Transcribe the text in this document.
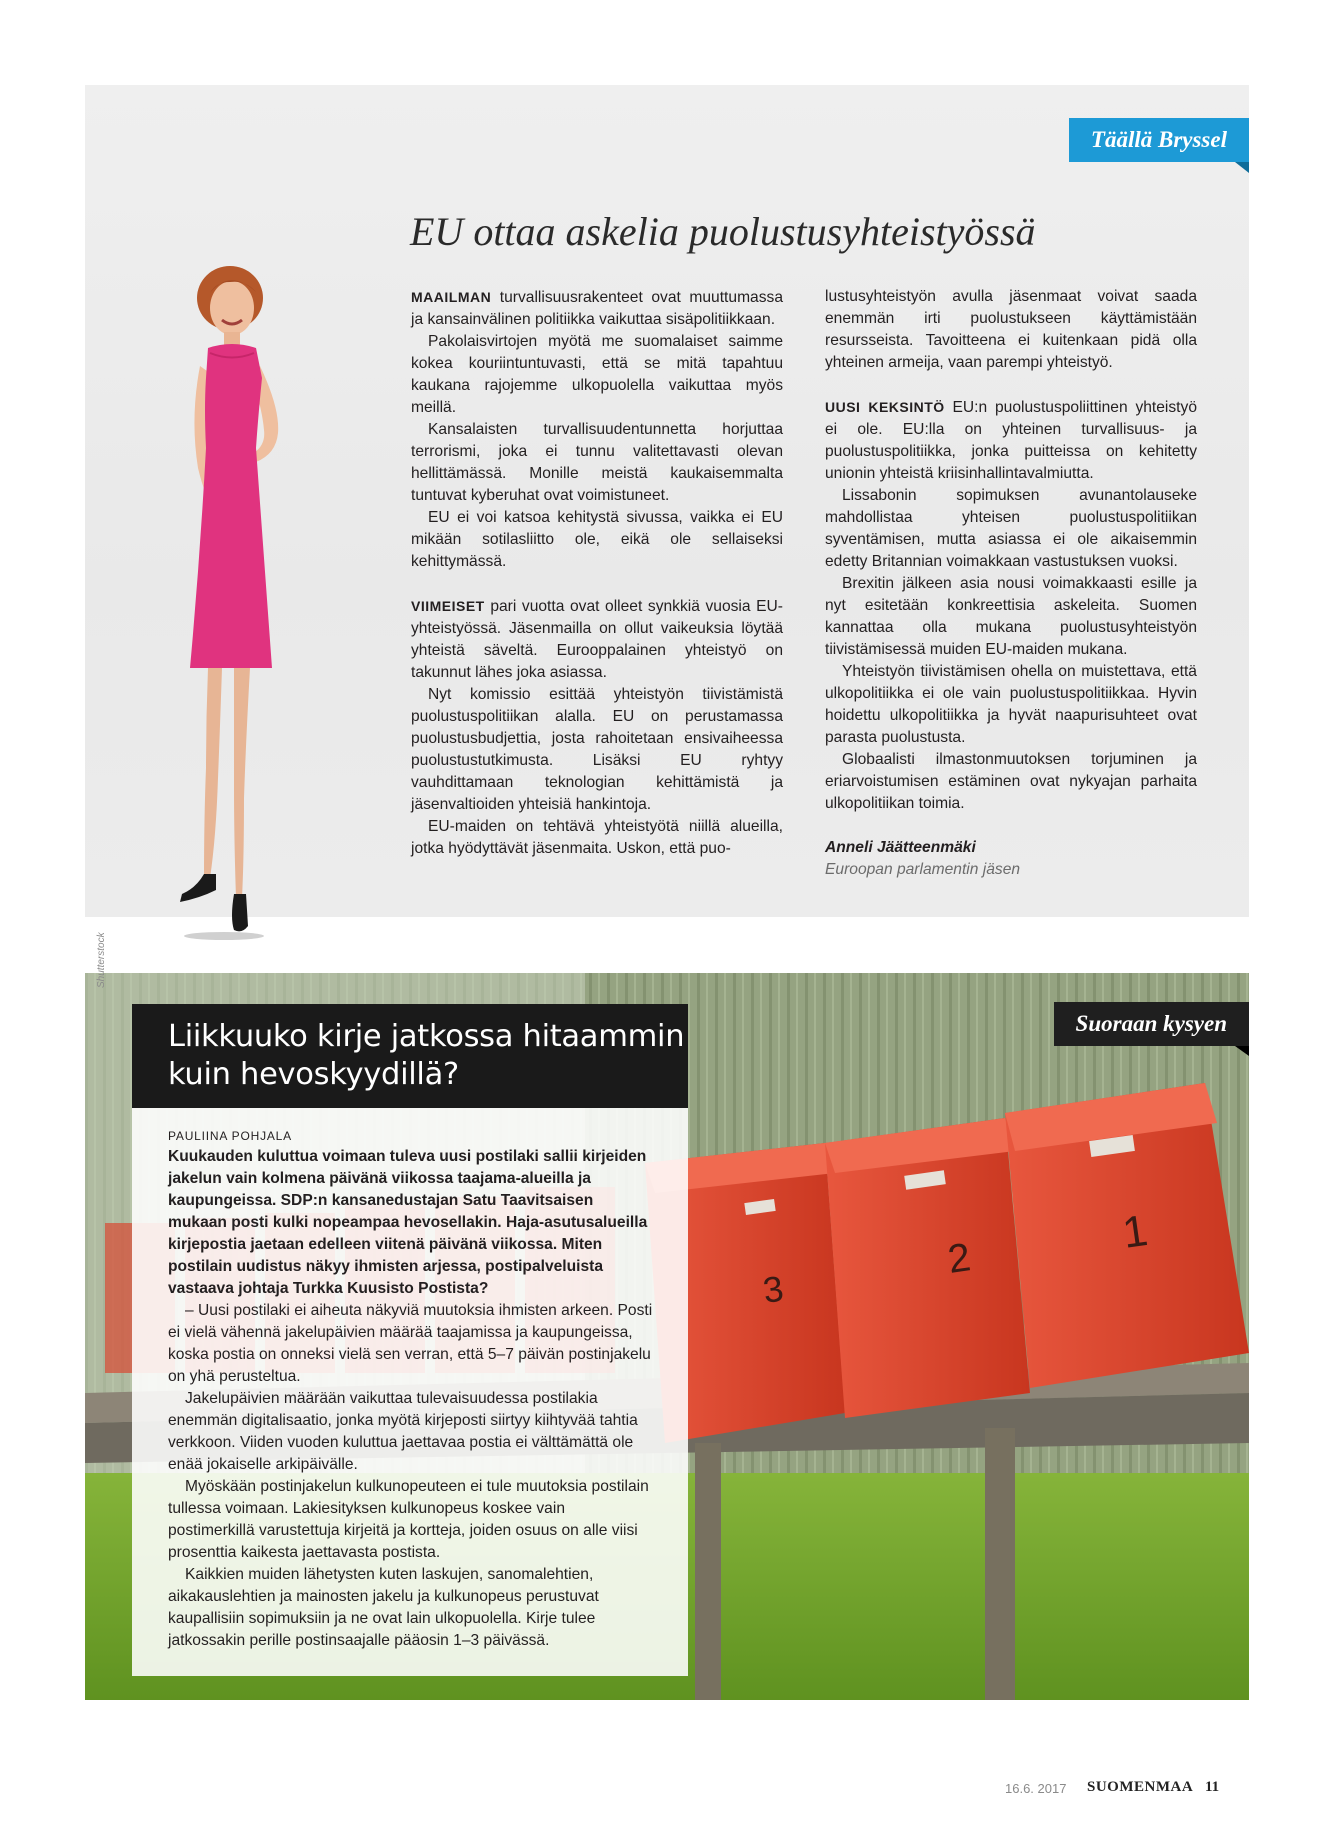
Täällä Bryssel
EU ottaa askelia puolustusyhteistyössä

MAAILMAN turvallisuusrakenteet ovat muuttumassa ja kansainvälinen politiikka vaikuttaa sisäpolitiikkaan.

Pakolaisvirtojen myötä me suomalaiset saimme kokea kouriintuntuvasti, että se mitä tapahtuu kaukana rajojemme ulkopuolella vaikuttaa myös meillä.

Kansalaisten turvallisuudentunnetta horjuttaa terrorismi, joka ei tunnu valitettavasti olevan hellittämässä. Monille meistä kaukaisemmalta tuntuvat kyberuhat ovat voimistuneet.

EU ei voi katsoa kehitystä sivussa, vaikka ei EU mikään sotilasliitto ole, eikä ole sellaiseksi kehittymässä.

VIIMEISET pari vuotta ovat olleet synkkiä vuosia EU-yhteistyössä. Jäsenmailla on ollut vaikeuksia löytää yhteistä säveltä. Eurooppalainen yhteistyö on takunnut lähes joka asiassa.

Nyt komissio esittää yhteistyön tiivistämistä puolustuspolitiikan alalla. EU on perustamassa puolustusbudjettia, josta rahoitetaan ensivaiheessa puolustustutkimusta. Lisäksi EU ryhtyy vauhdittamaan teknologian kehittämistä ja jäsenvaltioiden yhteisiä hankintoja.

EU-maiden on tehtävä yhteistyötä niillä alueilla, jotka hyödyttävät jäsenmaita. Uskon, että puo-

lustusyhteistyön avulla jäsenmaat voivat saada enemmän irti puolustukseen käyttämistään resursseista. Tavoitteena ei kuitenkaan pidä olla yhteinen armeija, vaan parempi yhteistyö.

UUSI KEKSINTÖ EU:n puolustuspoliittinen yhteistyö ei ole. EU:lla on yhteinen turvallisuus- ja puolustuspolitiikka, jonka puitteissa on kehitetty unionin yhteistä kriisinhallintavalmiutta.

Lissabonin sopimuksen avunantolauseke mahdollistaa yhteisen puolustuspolitiikan syventämisen, mutta asiassa ei ole aikaisemmin edetty Britannian voimakkaan vastustuksen vuoksi.

Brexitin jälkeen asia nousi voimakkaasti esille ja nyt esitetään konkreettisia askeleita. Suomen kannattaa olla mukana puolustusyhteistyön tiivistämisessä muiden EU-maiden mukana.

Yhteistyön tiivistämisen ohella on muistettava, että ulkopolitiikka ei ole vain puolustuspolitiikkaa. Hyvin hoidettu ulkopolitiikka ja hyvät naapurisuhteet ovat parasta puolustusta.

Globaalisti ilmastonmuutoksen torjuminen ja eriarvoistumisen estäminen ovat nykyajan parhaita ulkopolitiikan toimia.

Anneli Jäätteenmäki
Euroopan parlamentin jäsen
3
2
1
Shutterstock
Suoraan kysyen
Liikkuuko kirje jatkossa hitaammin kuin hevoskyydillä?

PAULIINA POHJALA

Kuukauden kuluttua voimaan tuleva uusi postilaki sallii kirjeiden jakelun vain kolmena päivänä viikossa taajama-alueilla ja kaupungeissa. SDP:n kansanedustajan Satu Taavitsaisen mukaan posti kulki nopeampaa hevosellakin. Haja-asutusalueilla kirjepostia jaetaan edelleen viitenä päivänä viikossa. Miten postilain uudistus näkyy ihmisten arjessa, postipalveluista vastaava johtaja Turkka Kuusisto Postista?

– Uusi postilaki ei aiheuta näkyviä muutoksia ihmisten arkeen. Posti ei vielä vähennä jakelupäivien määrää taajamissa ja kaupungeissa, koska postia on onneksi vielä sen verran, että 5–7 päivän postinjakelu on yhä perusteltua.

Jakelupäivien määrään vaikuttaa tulevaisuudessa postilakia enemmän digitalisaatio, jonka myötä kirjeposti siirtyy kiihtyvää tahtia verkkoon. Viiden vuoden kuluttua jaettavaa postia ei välttämättä ole enää jokaiselle arkipäivälle.

Myöskään postinjakelun kulkunopeuteen ei tule muutoksia postilain tullessa voimaan. Lakiesityksen kulkunopeus koskee vain postimerkillä varustettuja kirjeitä ja kortteja, joiden osuus on alle viisi prosenttia kaikesta jaettavasta postista.

Kaikkien muiden lähetysten kuten laskujen, sanomalehtien, aikakauslehtien ja mainosten jakelu ja kulkunopeus perustuvat kaupallisiin sopimuksiin ja ne ovat lain ulkopuolella. Kirje tulee jatkossakin perille postinsaajalle pääosin 1–3 päivässä.

16.6. 2017 SUOMENMAA 11
